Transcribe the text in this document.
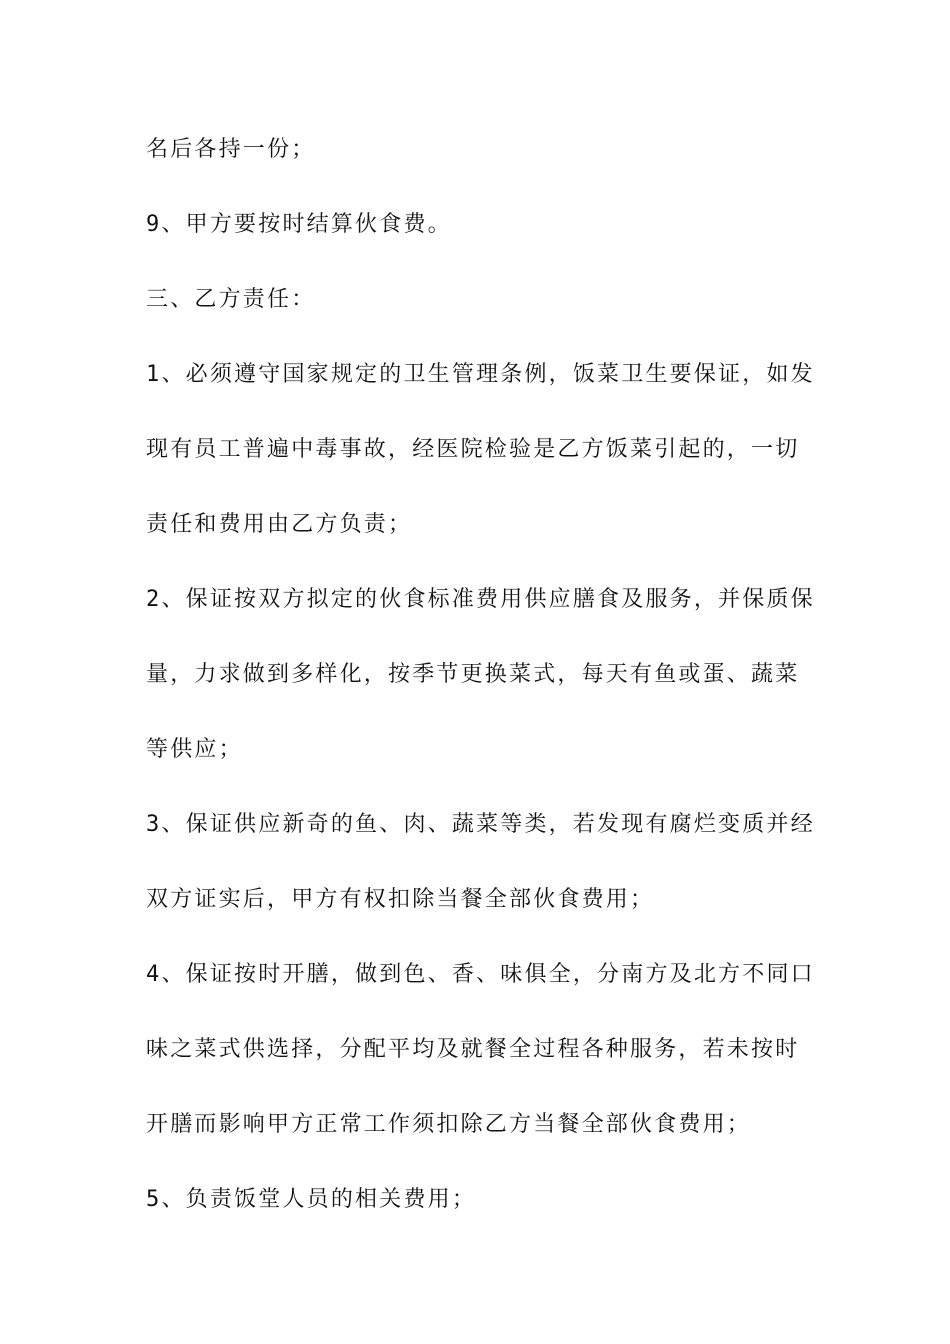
名后各持一份；
9、甲方要按时结算伙食费。
三、乙方责任：
1、必须遵守国家规定的卫生管理条例，饭菜卫生要保证，如发
现有员工普遍中毒事故，经医院检验是乙方饭菜引起的，一切
责任和费用由乙方负责；
2、保证按双方拟定的伙食标准费用供应膳食及服务，并保质保
量，力求做到多样化，按季节更换菜式，每天有鱼或蛋、蔬菜
等供应；
3、保证供应新奇的鱼、肉、蔬菜等类，若发现有腐烂变质并经
双方证实后，甲方有权扣除当餐全部伙食费用；
4、保证按时开膳，做到色、香、味俱全，分南方及北方不同口
味之菜式供选择，分配平均及就餐全过程各种服务，若未按时
开膳而影响甲方正常工作须扣除乙方当餐全部伙食费用；
5、负责饭堂人员的相关费用；
